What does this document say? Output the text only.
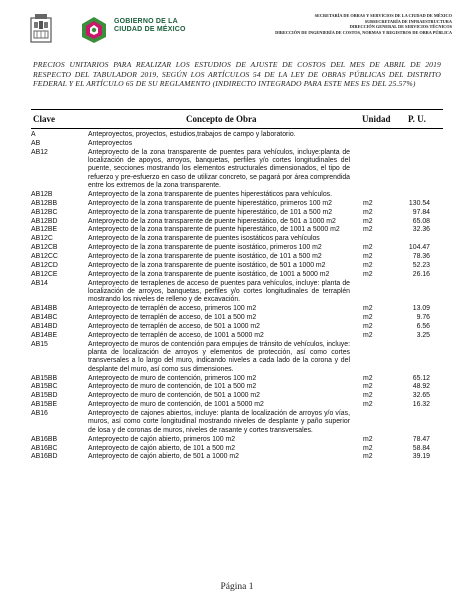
GOBIERNO DE LA
CIUDAD DE MÉXICO
SECRETARÍA DE OBRAS Y SERVICIOS DE LA CIUDAD DE MÉXICO
SUBSECRETARÍA DE INFRAESTRUCTURA
DIRECCIÓN GENERAL DE SERVICIOS TÉCNICOS
DIRECCIÓN DE INGENIERÍA DE COSTOS, NORMAS Y REGISTROS DE OBRA PÚBLICA
PRECIOS UNITARIOS PARA REALIZAR LOS ESTUDIOS DE AJUSTE DE COSTOS DEL MES DE ABRIL DE 2019 RESPECTO DEL TABULADOR 2019, SEGÚN LOS ARTÍCULOS 54 DE LA LEY DE OBRAS PÚBLICAS DEL DISTRITO FEDERAL Y EL ARTÍCULO 65 DE SU REGLAMENTO (INDIRECTO INTEGRADO PARA ESTE MES ES DEL 25.57%)
Clave	Concepto de Obra	Unidad P. U.
A	Anteproyectos, proyectos, estudios,trabajos de campo y laboratorio.
AB	Anteproyectos
AB12	Anteproyecto de la zona transparente de puentes para vehículos, incluye:planta de localización de apoyos, arroyos, banquetas, perfiles y/o cortes longitudinales del puente, secciones mostrando los elementos estructurales dimensionados, el tipo de refuerzo y pre-esfuerzo en caso de utilizar concreto, se pagará por área comprendida entre los extremos de la zona transparente.
AB12B	Anteproyecto de la zona transparente de puentes hiperestáticos para vehículos.
AB12BB	Anteproyecto de la zona transparente de puente hiperestático, primeros 100 m2	m2	130.54
AB12BC	Anteproyecto de la zona transparente de puente hiperestático, de 101 a 500 m2	m2	97.84
AB12BD	Anteproyecto de la zona transparente de puente hiperestático, de 501 a 1000 m2	m2	65.08
AB12BE	Anteproyecto de la zona transparente de puente hiperestático, de 1001 a 5000 m2	m2	32.36
AB12C	Anteproyecto de la zona transparente de puentes isostáticos para vehículos
AB12CB	Anteproyecto de la zona transparente de puente isostático, primeros 100 m2	m2	104.47
AB12CC	Anteproyecto de la zona transparente de puente isostático, de 101 a 500 m2	m2	78.36
AB12CD	Anteproyecto de la zona transparente de puente isostático, de 501 a 1000 m2	m2	52.23
AB12CE	Anteproyecto de la zona transparente de puente isostático, de 1001 a 5000 m2	m2	26.16
AB14	Anteproyecto de terraplenes de acceso de puentes para vehículos, incluye: planta de localización de arroyos, banquetas, perfiles y/o cortes longitudinales de terraplén mostrando los niveles de relleno y de excavación.
AB14BB	Anteproyecto de terraplén de acceso, primeros 100 m2	m2	13.09
AB14BC	Anteproyecto de terraplén de acceso, de 101 a 500 m2	m2	9.76
AB14BD	Anteproyecto de terraplén de acceso, de 501 a 1000 m2	m2	6.56
AB14BE	Anteproyecto de terraplén de acceso, de 1001 a 5000 m2	m2	3.25
AB15	Anteproyecto de muros de contención para empujes de tránsito de vehículos, incluye: planta de localización de arroyos y elementos de protección, así como cortes transversales a lo largo del muro, indicando niveles a cada lado de la corona y del desplante del muro, así como sus dimensiones.
AB15BB	Anteproyecto de muro de contención, primeros 100 m2	m2	65.12
AB15BC	Anteproyecto de muro de contención, de 101 a 500 m2	m2	48.92
AB15BD	Anteproyecto de muro de contención, de 501 a 1000 m2	m2	32.65
AB15BE	Anteproyecto de muro de contención, de 1001 a 5000 m2	m2	16.32
AB16	Anteproyecto de cajones abiertos, incluye: planta de localización de arroyos y/o vías, muros, así como corte longitudinal mostrando niveles de desplante y paño superior de losa y de coronas de muros, niveles de rasante y cortes transversales.
AB16BB	Anteproyecto de cajón abierto, primeros 100 m2	m2	78.47
AB16BC	Anteproyecto de cajón abierto, de 101 a 500 m2	m2	58.84
AB16BD	Anteproyecto de cajón abierto, de 501 a 1000 m2	m2	39.19
Página 1
